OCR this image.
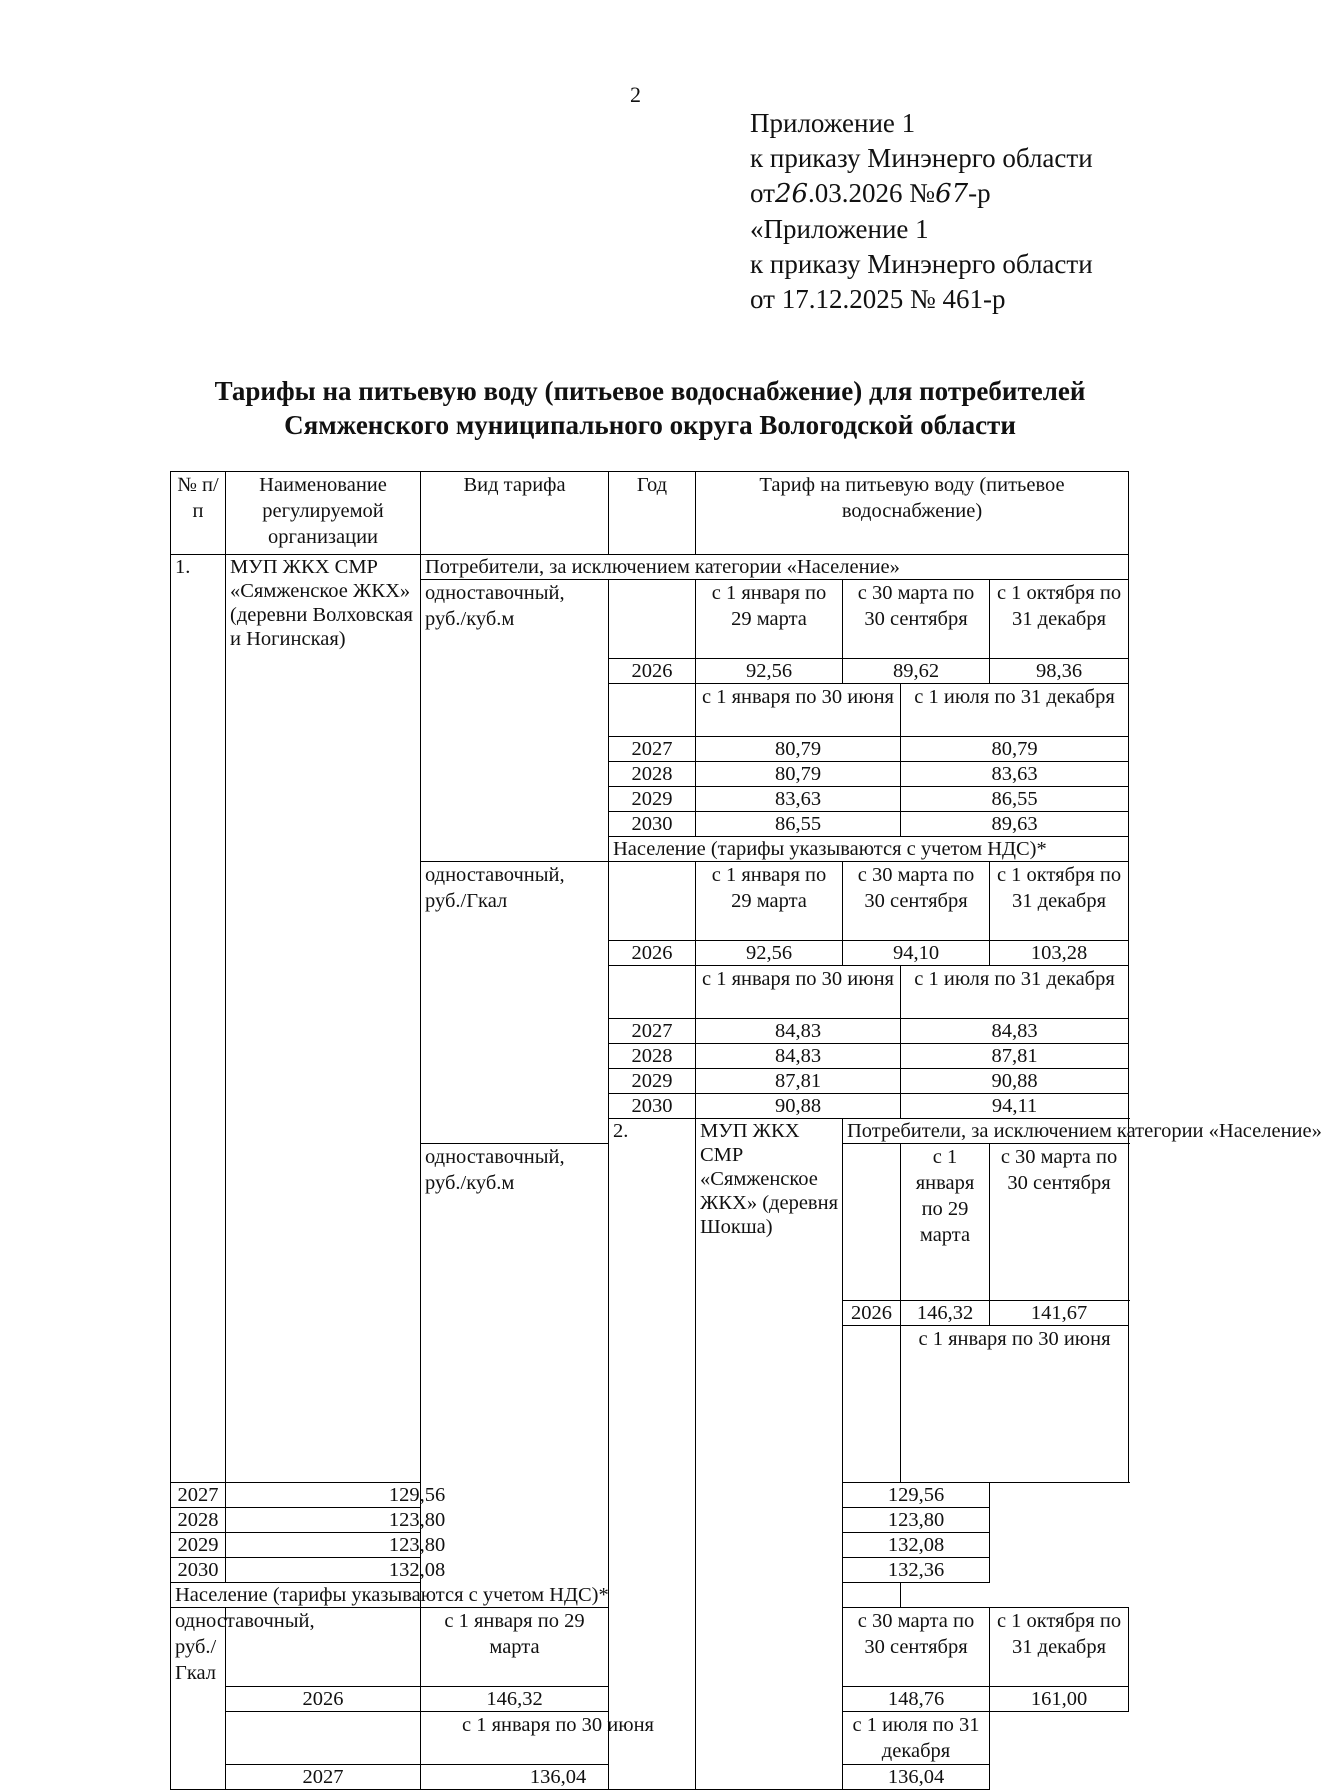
2
Приложение 1
к приказу Минэнерго области
от26.03.2026 №67-р
«Приложение 1
к приказу Минэнерго области
от 17.12.2025 № 461-р
Тарифы на питьевую воду (питьевое водоснабжение) для потребителей
Сямженского муниципального округа Вологодской области
№ п/п	Наименование регулируемой организации	Вид тарифа	Год	Тариф на питьевую воду (питьевое водоснабжение)				
1.	МУП ЖКХ СМР «Сямженское ЖКХ» (деревни Волховская и Ногинская)	Потребители, за исключением категории «Население»						
		одноставочный, руб./куб.м		с 1 января по 29 марта	с 30 марта по 30 сентября		с 1 октября по 31 декабря	
			2026	92,56	89,62		98,36	
				с 1 января по 30 июня		с 1 июля по 31 декабря		
			2027	80,79		80,79		
			2028	80,79		83,63		
			2029	83,63		86,55		
			2030	86,55		89,63		
			Население (тарифы указываются с учетом НДС)*					
		одноставочный, руб./Гкал		с 1 января по 29 марта	с 30 марта по 30 сентября		с 1 октября по 31 декабря	
			2026	92,56	94,10		103,28	
				с 1 января по 30 июня		с 1 июля по 31 декабря		
			2027	84,83		84,83		
			2028	84,83		87,81		
			2029	87,81		90,88		
			2030	90,88		94,11		
			2.	МУП ЖКХ СМР «Сямженское ЖКХ» (деревня Шокша)	Потребители, за исключением категории «Население»			
		одноставочный, руб./куб.м				с 1 января по 29 марта	с 30 марта по 30 сентября	
					2026	146,32	141,67	
						с 1 января по 30 июня	
2027	129,56				129,56			
2028	123,80				123,80			
2029	123,80				132,08			
2030	132,08				132,36			
Население (тарифы указываются с учетом НДС)*								
одноставочный, руб./Гкал		с 1 января по 29 марта			с 30 марта по 30 сентября		с 1 октября по 31 декабря	
	2026	146,32			148,76		161,00	
		с 1 января по 30 июня			с 1 июля по 31 декабря			
	2027	136,04			136,04			
